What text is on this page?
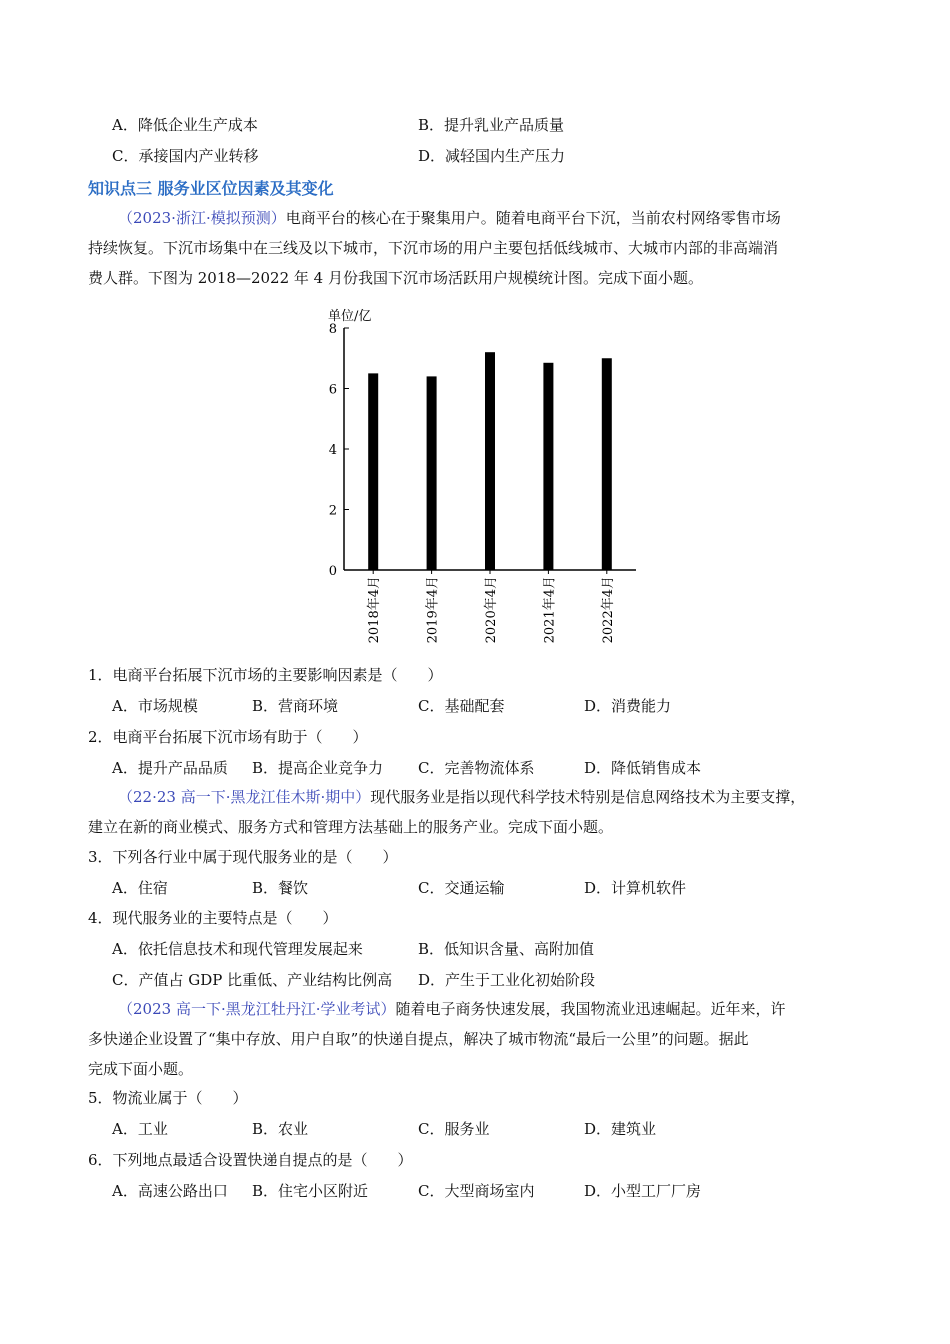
A．降低企业生产成本	B．提升乳业产品质量
C．承接国内产业转移	D．减轻国内生产压力
知识点三 服务业区位因素及其变化
（2023·浙江·模拟预测）电商平台的核心在于聚集用户。随着电商平台下沉，当前农村网络零售市场
持续恢复。下沉市场集中在三线及以下城市，下沉市场的用户主要包括低线城市、大城市内部的非高端消
费人群。下图为 2018—2022 年 4 月份我国下沉市场活跃用户规模统计图。完成下面小题。
单位/亿
0
2
4
6
8
2018年4月	2019年4月	2020年4月	2021年4月	2022年4月
1．电商平台拓展下沉市场的主要影响因素是（　　）
A．市场规模	B．营商环境	C．基础配套	D．消费能力
2．电商平台拓展下沉市场有助于（　　）
A．提升产品品质 B．提高企业竞争力 C．完善物流体系	D．降低销售成本
（22·23 高一下·黑龙江佳木斯·期中）现代服务业是指以现代科学技术特别是信息网络技术为主要支撑，
建立在新的商业模式、服务方式和管理方法基础上的服务产业。完成下面小题。
3．下列各行业中属于现代服务业的是（　　）
A．住宿	B．餐饮	C．交通运输	D．计算机软件
4．现代服务业的主要特点是（　　）
A．依托信息技术和现代管理发展起来	B．低知识含量、高附加值
C．产值占 GDP 比重低、产业结构比例高 D．产生于工业化初始阶段
（2023 高一下·黑龙江牡丹江·学业考试）随着电子商务快速发展，我国物流业迅速崛起。近年来，许
多快递企业设置了“集中存放、用户自取”的快递自提点，解决了城市物流“最后一公里”的问题。据此
完成下面小题。
5．物流业属于（　　）
A．工业	B．农业	C．服务业	D．建筑业
6．下列地点最适合设置快递自提点的是（　　）
A．高速公路出口 B．住宅小区附近	C．大型商场室内	D．小型工厂厂房
